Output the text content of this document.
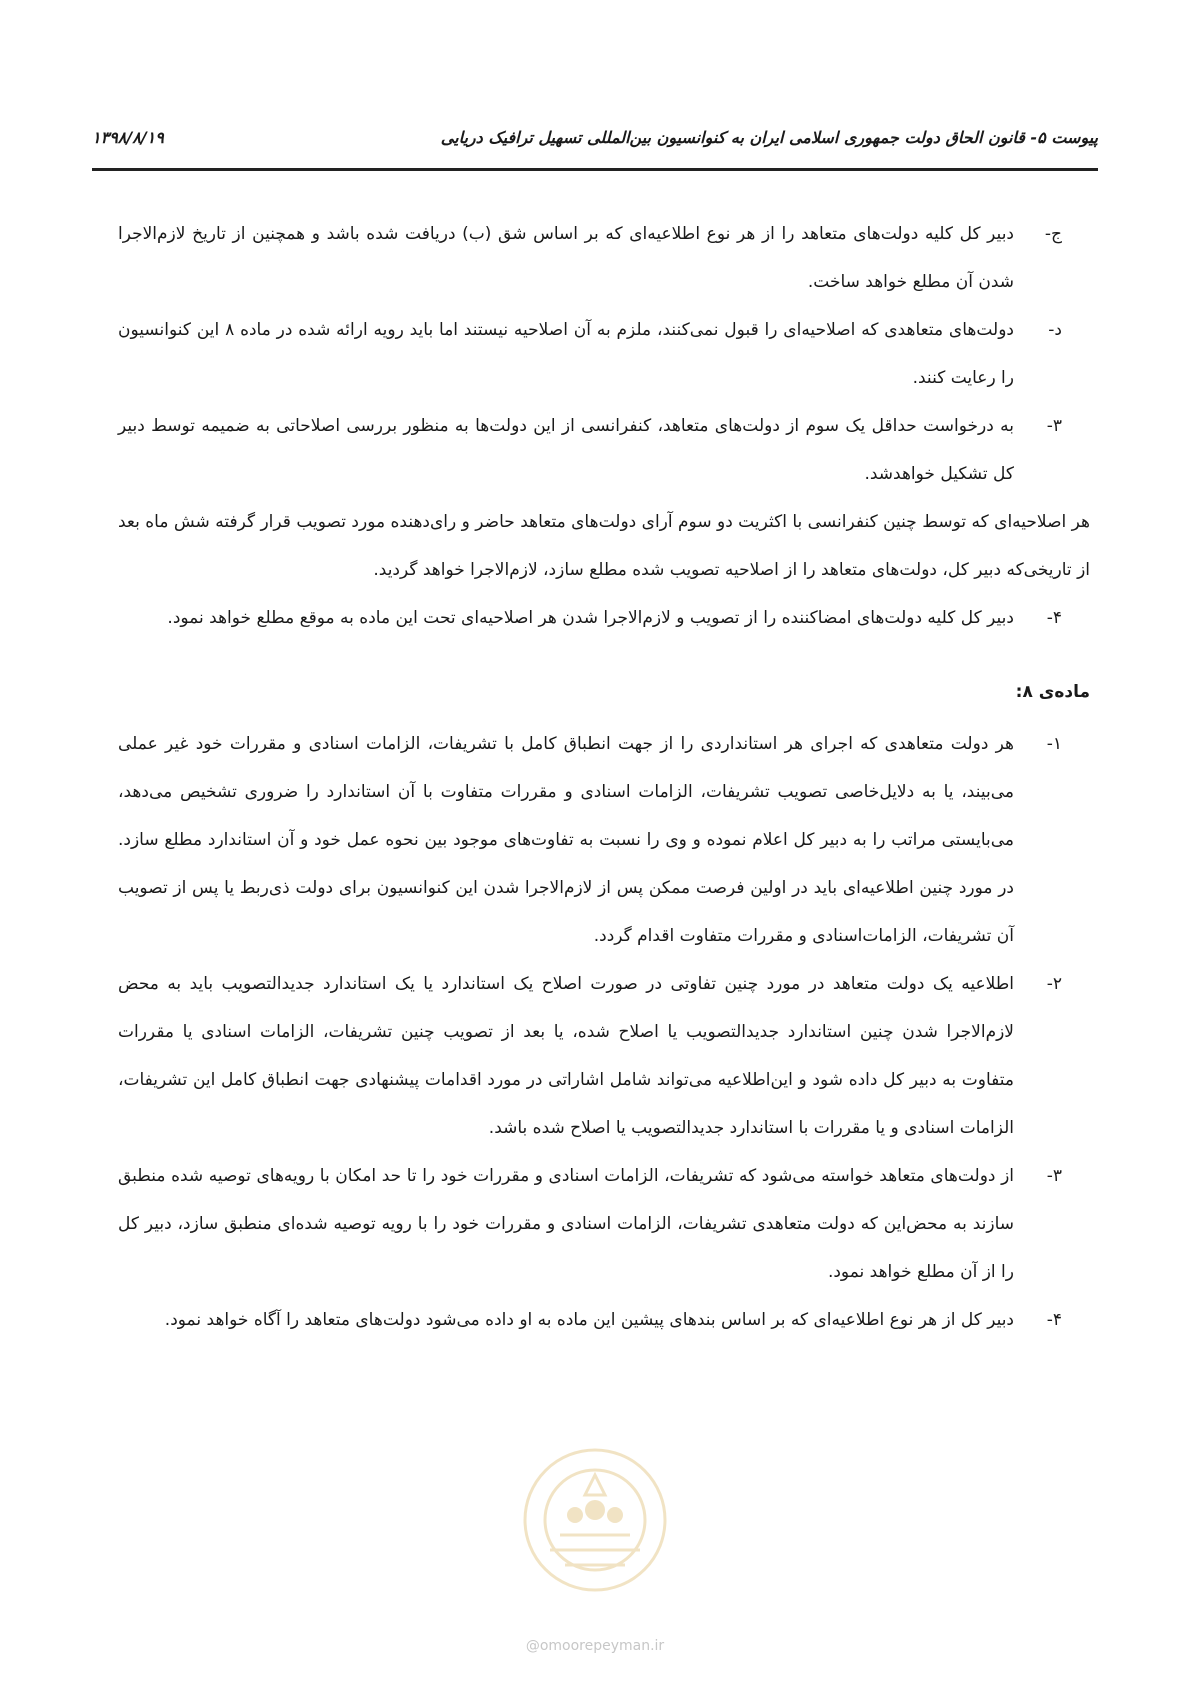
پیوست ۵- قانون الحاق دولت جمهوری اسلامی ایران به کنوانسیون بین‌المللی تسهیل ترافیک دریایی
۱۳۹۸/۸/۱۹
ج-
دبیر کل کلیه دولت‌های متعاهد را از هر نوع اطلاعیه‌ای که بر اساس شق (ب) دریافت شده باشد و همچنین از تاریخ لازم‌الاجرا شدن آن مطلع خواهد ساخت.
د-
دولت‌های متعاهدی که اصلاحیه‌ای را قبول نمی‌کنند، ملزم به آن اصلاحیه نیستند اما باید رویه ارائه شده در ماده ۸ این کنوانسیون را رعایت کنند.
۳-
به درخواست حداقل یک سوم از دولت‌های متعاهد، کنفرانسی از این دولت‌ها به منظور بررسی اصلاحاتی به ضمیمه توسط دبیر کل تشکیل خواهدشد.
هر اصلاحیه‌ای که توسط چنین کنفرانسی با اکثریت دو سوم آرای دولت‌های متعاهد حاضر و رای‌دهنده مورد تصویب قرار گرفته شش ماه بعد از تاریخی‌که دبیر کل، دولت‌های متعاهد را از اصلاحیه تصویب شده مطلع سازد، لازم‌الاجرا خواهد گردید.
۴-
دبیر کل کلیه دولت‌های امضاکننده را از تصویب و لازم‌الاجرا شدن هر اصلاحیه‌ای تحت این ماده به موقع مطلع خواهد نمود.
ماده‌ی ۸:
۱-
هر دولت متعاهدی که اجرای هر استانداردی را از جهت انطباق کامل با تشریفات، الزامات اسنادی و مقررات خود غیر عملی می‌بیند، یا به دلایل‌خاصی تصویب تشریفات، الزامات اسنادی و مقررات متفاوت با آن استاندارد را ضروری تشخیص می‌دهد، می‌بایستی مراتب را به دبیر کل اعلام نموده و وی را نسبت به تفاوت‌های موجود بین نحوه عمل خود و آن استاندارد مطلع سازد. در مورد چنین اطلاعیه‌ای باید در اولین فرصت ممکن پس از لازم‌الاجرا شدن این کنوانسیون برای دولت ذی‌ربط یا پس از تصویب آن تشریفات، الزامات‌اسنادی و مقررات متفاوت اقدام گردد.
۲-
اطلاعیه یک دولت متعاهد در مورد چنین تفاوتی در صورت اصلاح یک استاندارد یا یک استاندارد جدیدالتصویب باید به محض لازم‌الاجرا شدن چنین استاندارد جدیدالتصویب یا اصلاح شده، یا بعد از تصویب چنین تشریفات، الزامات اسنادی یا مقررات متفاوت به دبیر کل داده شود و این‌اطلاعیه می‌تواند شامل اشاراتی در مورد اقدامات پیشنهادی جهت انطباق کامل این تشریفات، الزامات اسنادی و یا مقررات با استاندارد جدیدالتصویب یا اصلاح شده باشد.
۳-
از دولت‌های متعاهد خواسته می‌شود که تشریفات، الزامات اسنادی و مقررات خود را تا حد امکان با رویه‌های توصیه شده منطبق سازند به محض‌این که دولت متعاهدی تشریفات، الزامات اسنادی و مقررات خود را با رویه توصیه شده‌ای منطبق سازد، دبیر کل را از آن مطلع خواهد نمود.
۴-
دبیر کل از هر نوع اطلاعیه‌ای که بر اساس بندهای پیشین این ماده به او داده می‌شود دولت‌های متعاهد را آگاه خواهد نمود.
@omoorepeyman.ir
